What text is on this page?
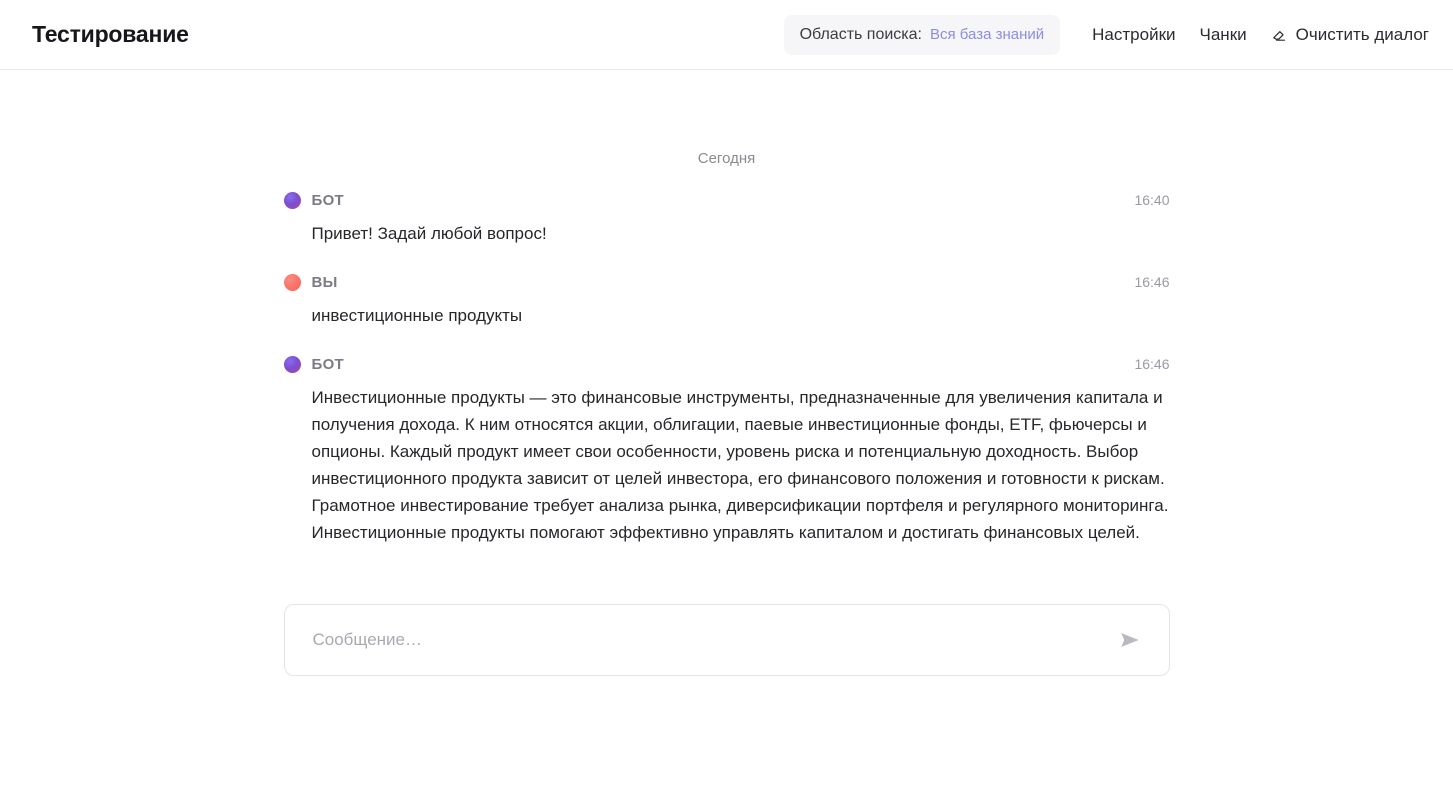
Тестирование	Область поиска: Вся база знаний	Настройки	Чанки	Очистить диалог
Сегодня
БОТ	16:40
Привет! Задай любой вопрос!
ВЫ	16:46
инвестиционные продукты
БОТ	16:46
Инвестиционные продукты — это финансовые инструменты, предназначенные для увеличения капитала и получения дохода. К ним относятся акции, облигации, паевые инвестиционные фонды, ETF, фьючерсы и опционы. Каждый продукт имеет свои особенности, уровень риска и потенциальную доходность. Выбор инвестиционного продукта зависит от целей инвестора, его финансового положения и готовности к рискам. Грамотное инвестирование требует анализа рынка, диверсификации портфеля и регулярного мониторинга. Инвестиционные продукты помогают эффективно управлять капиталом и достигать финансовых целей.
Сообщение…
